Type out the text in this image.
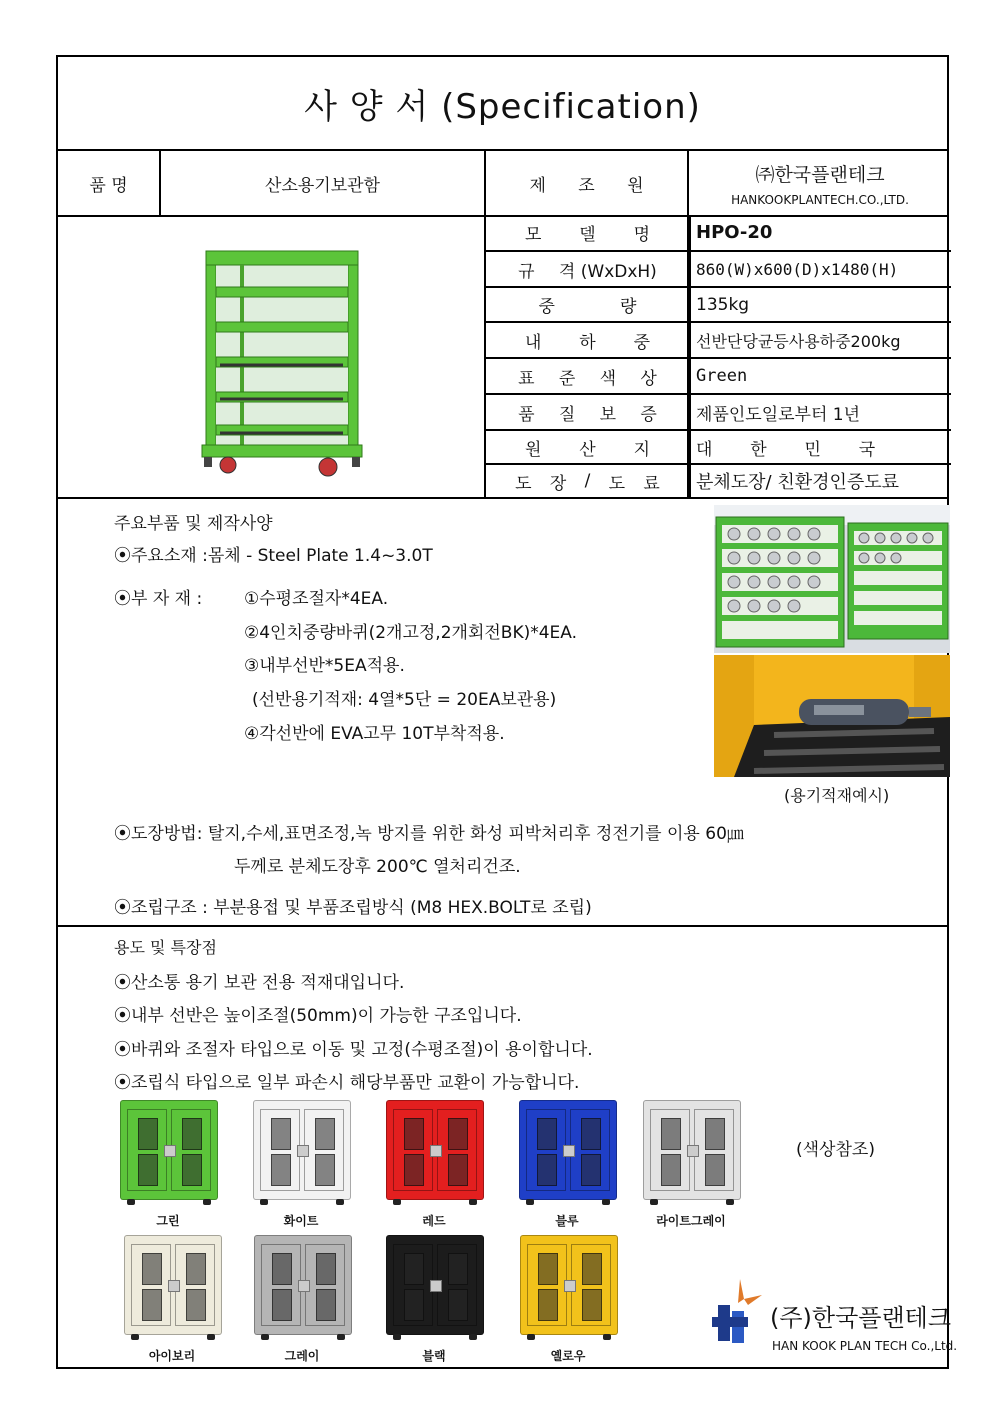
사 양 서 (Specification)
품 명	산소용기보관함	제      조      원	㈜한국플랜테크
HANKOOKPLANTECH.CO.,LTD.
모 델 명	HPO-20
규 격 (WxDxH) 860(W)x600(D)x1480(H)
중	량	135kg
내 하 중	선반단당균등사용하중200kg
표 준 색 상 Green
품 질 보 증 제품인도일로부터 1년
원 산 지	대       한       민       국
도 장 / 도 료 분체도장/ 친환경인증도료
주요부품 및 제작사양
⦿주요소재 :몸체 - Steel Plate 1.4~3.0T
⦿부 자 재 : ①수평조절자*4EA.
②4인치중량바퀴(2개고정,2개회전BK)*4EA.
③내부선반*5EA적용.
(선반용기적재: 4열*5단 = 20EA보관용)
④각선반에 EVA고무 10T부착적용.
(용기적재예시)
⦿도장방법: 탈지,수세,표면조정,녹 방지를 위한 화성 피박처리후 정전기를 이용 60㎛
두께로 분체도장후 200℃ 열처리건조.
⦿조립구조 : 부분용접 및 부품조립방식 (M8 HEX.BOLT로 조립)
용도 및 특장점
⦿산소통 용기 보관 전용 적재대입니다.
⦿내부 선반은 높이조절(50mm)이 가능한 구조입니다.
⦿바퀴와 조절자 타입으로 이동 및 고정(수평조절)이 용이합니다.
⦿조립식 타입으로 일부 파손시 해당부품만 교환이 가능합니다.
그린	화이트	레드	블루	라이트그레이
아이보리	그레이	블랙	옐로우
(색상참조)
(주)한국플랜테크
HAN KOOK PLAN TECH Co.,Ltd.
